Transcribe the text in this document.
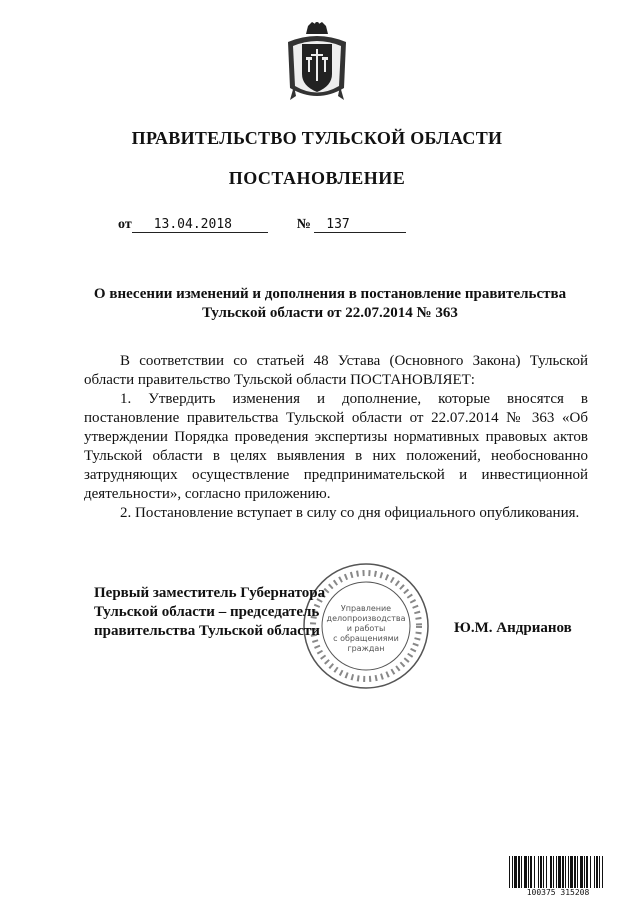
ПРАВИТЕЛЬСТВО ТУЛЬСКОЙ ОБЛАСТИ
ПОСТАНОВЛЕНИЕ
от 13.04.2018	№ 137
О внесении изменений и дополнения в постановление правительства
Тульской области от 22.07.2014 № 363

В соответствии со статьей 48 Устава (Основного Закона) Тульской области правительство Тульской области ПОСТАНОВЛЯЕТ:

1. Утвердить изменения и дополнение, которые вносятся в постановление правительства Тульской области от 22.07.2014 № 363 «Об утверждении Порядка проведения экспертизы нормативных правовых актов Тульской области в целях выявления в них положений, необоснованно затрудняющих осуществление предпринимательской и инвестиционной деятельности», согласно приложению.

2. Постановление вступает в силу со дня официального опубликования.

Управление
делопроизводства
и работы
с обращениями
граждан
Первый заместитель Губернатора
Тульской области – председатель
правительства Тульской области	Ю.М. Андрианов
100375 315208
